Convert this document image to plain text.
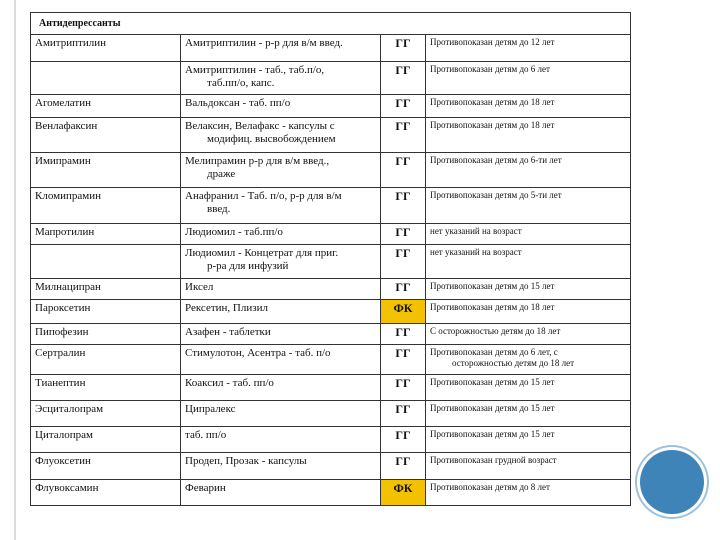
Антидепрессанты			
Амитриптилин	Амитриптилин - р-р для в/м введ.	ГГ	Противопоказан детям до 12 лет

	Амитриптилин - таб., таб.п/о,
таб.пп/о, капс.	ГГ	Противопоказан детям до 6 лет

Агомелатин	Вальдоксан - таб. пп/о	ГГ	Противопоказан детям до 18 лет

Венлафаксин	Велаксин, Велафакс - капсулы с
модифиц. высвобождением	ГГ	Противопоказан детям до 18 лет

Имипрамин	Мелипрамин р-р для в/м введ.,
драже	ГГ	Противопоказан детям до 6-ти лет

Кломипрамин	Анафранил - Таб. п/о, р-р для в/м
введ.	ГГ	Противопоказан детям до 5-ти лет

Мапротилин	Людиомил - таб.пп/о	ГГ	нет указаний на возраст

	Людиомил - Концетрат для приг.
р-ра для инфузий	ГГ	нет указаний на возраст

Милнаципран	Иксел	ГГ	Противопоказан детям до 15 лет

Пароксетин	Рексетин, Плизил	ФК	Противопоказан детям до 18 лет

Пипофезин	Азафен - таблетки	ГГ	С осторожностью детям до 18 лет

Сертралин	Стимулотон, Асентра - таб. п/о	ГГ	Противопоказан детям до 6 лет, с
осторожностью детям до 18 лет

Тианептин	Коаксил - таб. пп/о	ГГ	Противопоказан детям до 15 лет

Эсциталопрам	Ципралекс	ГГ	Противопоказан детям до 15 лет

Циталопрам	таб. пп/о	ГГ	Противопоказан детям до 15 лет

Флуоксетин	Продеп, Прозак - капсулы	ГГ	Противопоказан грудной возраст

Флувоксамин	Феварин	ФК	Противопоказан детям до 8 лет
